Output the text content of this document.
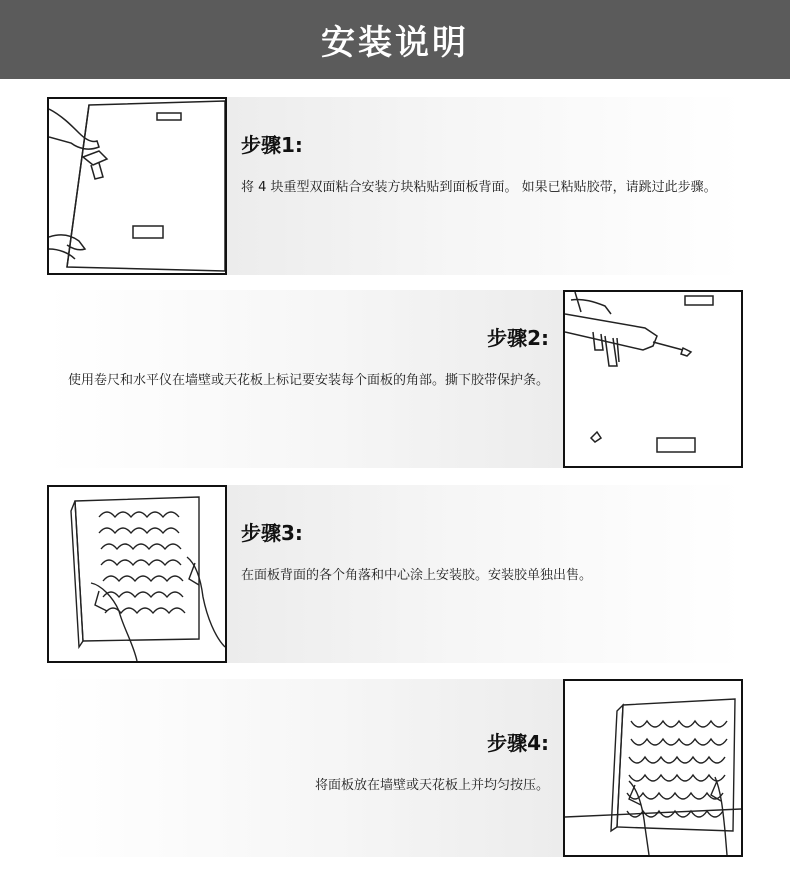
安装说明

步骤1:

将 4 块重型双面粘合安装方块粘贴到面板背面。 如果已粘贴胶带，请跳过此步骤。

步骤2:

使用卷尺和水平仪在墙壁或天花板上标记要安装每个面板的角部。撕下胶带保护条。

步骤3:

在面板背面的各个角落和中心涂上安装胶。安装胶单独出售。

步骤4:

将面板放在墙壁或天花板上并均匀按压。
